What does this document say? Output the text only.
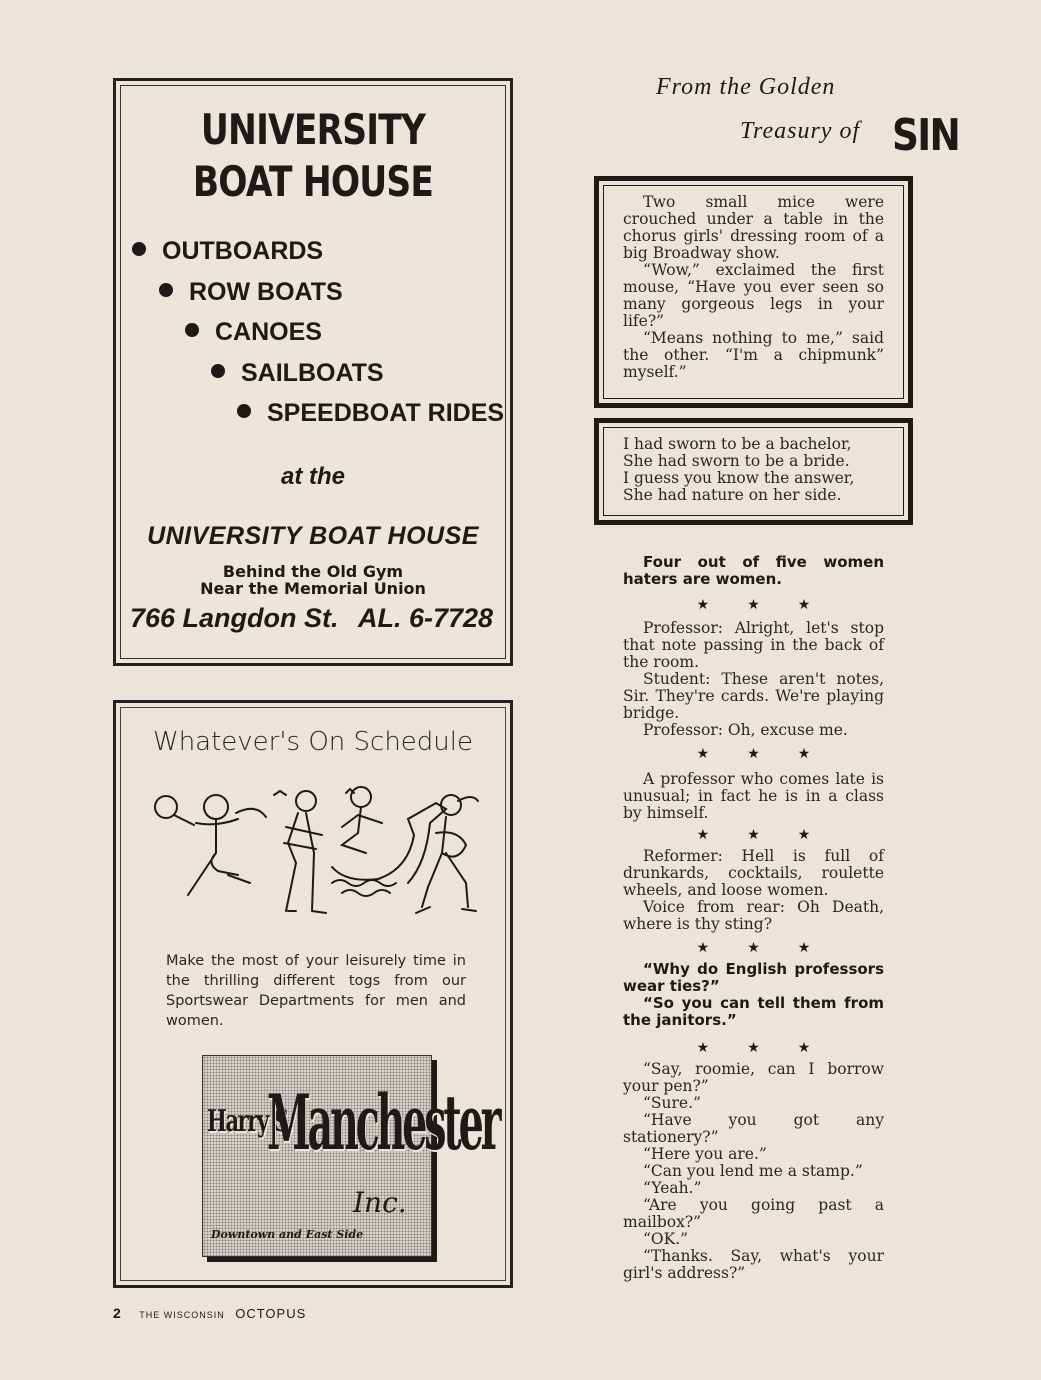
UNIVERSITY
BOAT HOUSE
OUTBOARDS
ROW BOATS
CANOES
SAILBOATS
SPEEDBOAT RIDES
at the
UNIVERSITY BOAT HOUSE
Behind the Old Gym
Near the Memorial Union
766 Langdon St. AL. 6-7728
Whatever's On Schedule
Make the most of your leisurely time in the thrilling different togs from our Sportswear Departments for men and women.
Harry S.
Manchester
Inc.
Downtown and East Side
From the Golden
Treasury of SIN
Two small mice were crouched under a table in the chorus girls' dressing room of a big Broadway show.
“Wow,” exclaimed the first mouse, “Have you ever seen so many gorgeous legs in your life?”
“Means nothing to me,” said the other. “I'm a chipmunk” myself.”
I had sworn to be a bachelor,
She had sworn to be a bride.
I guess you know the answer,
She had nature on her side.
Four out of five women haters are women.
★★★
Professor: Alright, let's stop that note passing in the back of the room.
Student: These aren't notes, Sir. They're cards. We're playing bridge.
Professor: Oh, excuse me.
★★★
A professor who comes late is unusual; in fact he is in a class by himself.
★★★
Reformer: Hell is full of drunkards, cocktails, roulette wheels, and loose women.
Voice from rear: Oh Death, where is thy sting?
★★★
“Why do English professors wear ties?”
“So you can tell them from the janitors.”
★★★
“Say, roomie, can I borrow your pen?”
“Sure.”
“Have you got any stationery?”
“Here you are.”
“Can you lend me a stamp.”
“Yeah.”
“Are you going past a mailbox?”
“OK.”
“Thanks. Say, what's your girl's address?”
2 THE WISCONSIN OCTOPUS
